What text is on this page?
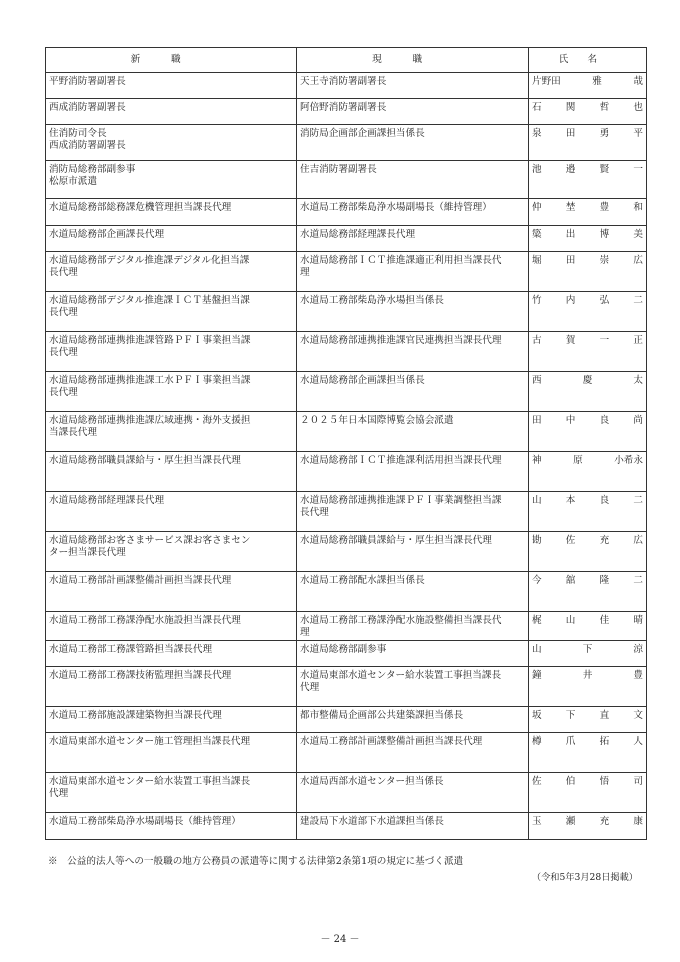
新職	現職	氏名

平野消防署副署長	天王寺消防署副署長	片野田 雅 哉

西成消防署副署長	阿倍野消防署副署長	石 関 哲 也

住消防司令長
西成消防署副署長	消防局企画部企画課担当係長	泉 田 勇 平

消防局総務部副参事
松原市派遣	住吉消防署副署長	池 邉 賢 一

水道局総務部総務課危機管理担当課長代理	水道局工務部柴島浄水場副場長（維持管理）	仲 埜 豊 和

水道局総務部企画課長代理	水道局総務部経理課長代理	簗 出 博 美

水道局総務部デジタル推進課デジタル化担当課
長代理	水道局総務部ＩＣＴ推進課適正利用担当課長代
理	堀 田 崇 広

水道局総務部デジタル推進課ＩＣＴ基盤担当課
長代理	水道局工務部柴島浄水場担当係長	竹 内 弘 二

水道局総務部連携推進課管路ＰＦＩ事業担当課
長代理	水道局総務部連携推進課官民連携担当課長代理	古 賀 一 正

水道局総務部連携推進課工水ＰＦＩ事業担当課
長代理	水道局総務部企画課担当係長	西 慶 太

水道局総務部連携推進課広域連携・海外支援担
当課長代理	２０２５年日本国際博覧会協会派遣	田 中 良 尚

水道局総務部職員課給与・厚生担当課長代理	水道局総務部ＩＣＴ推進課利活用担当課長代理	神 原 小希永

水道局総務部経理課長代理	水道局総務部連携推進課ＰＦＩ事業調整担当課
長代理	山 本 良 二

水道局総務部お客さまサービス課お客さまセン
ター担当課長代理	水道局総務部職員課給与・厚生担当課長代理	勘 佐 充 広

水道局工務部計画課整備計画担当課長代理	水道局工務部配水課担当係長	今 舘 隆 二

水道局工務部工務課浄配水施設担当課長代理	水道局工務部工務課浄配水施設整備担当課長代
理	梶 山 佳 晴

水道局工務部工務課管路担当課長代理	水道局総務部副参事	山 下 涼

水道局工務部工務課技術監理担当課長代理	水道局東部水道センター給水装置工事担当課長
代理	鐘 井 豊

水道局工務部施設課建築物担当課長代理	都市整備局企画部公共建築課担当係長	坂 下 直 文

水道局東部水道センター施工管理担当課長代理	水道局工務部計画課整備計画担当課長代理	樽 爪 拓 人

水道局東部水道センター給水装置工事担当課長
代理	水道局西部水道センター担当係長	佐 伯 悟 司

水道局工務部柴島浄水場副場長（維持管理）	建設局下水道部下水道課担当係長	玉 瀬 充 康
※　公益的法人等への一般職の地方公務員の派遣等に関する法律第2条第1項の規定に基づく派遣
（令和5年3月28日掲載）
－ 24 －
